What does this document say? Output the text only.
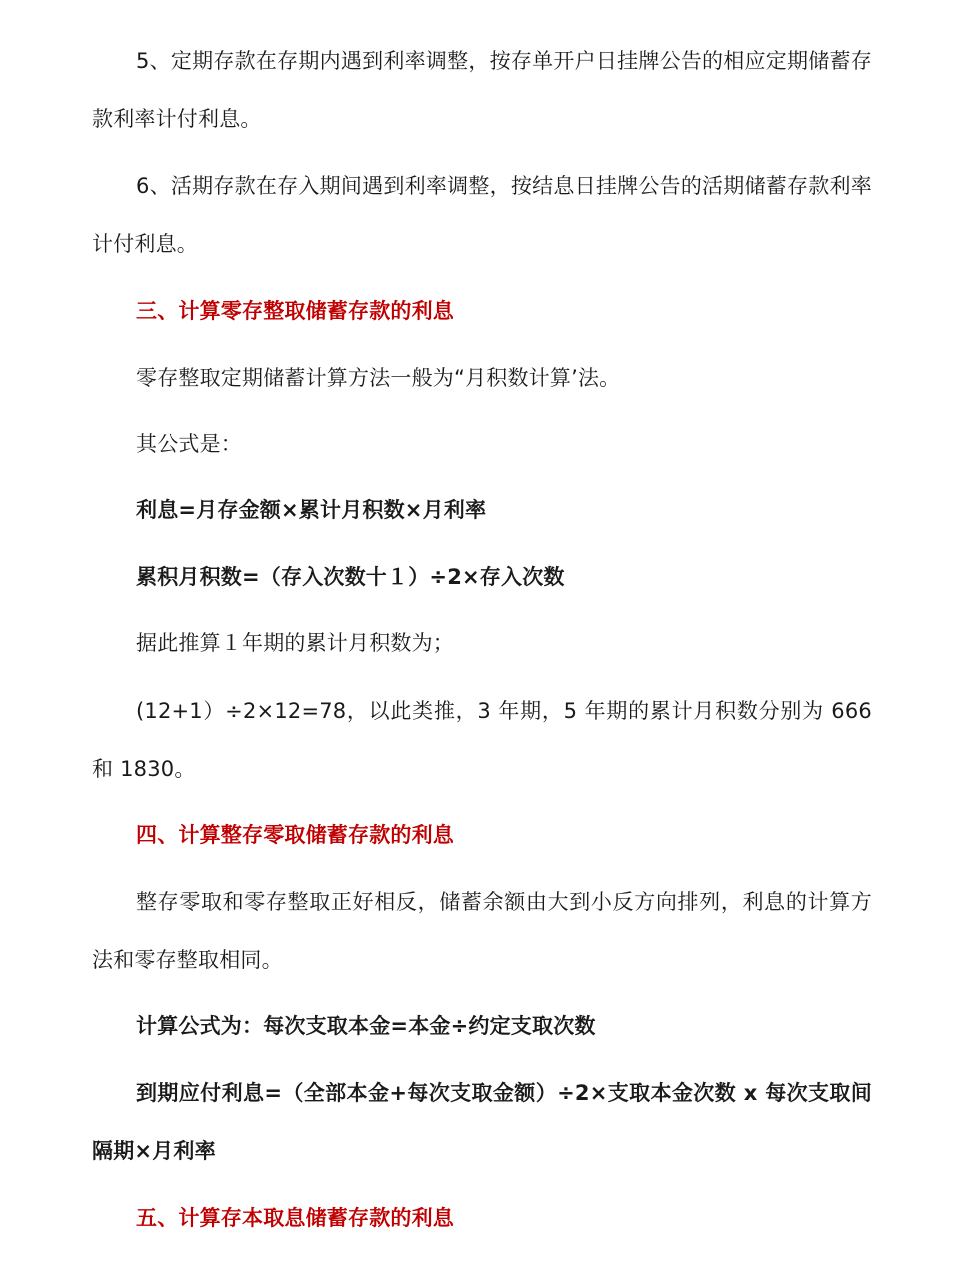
5、定期存款在存期内遇到利率调整，按存单开户日挂牌公告的相应定期储蓄存款利率计付利息。

6、活期存款在存入期间遇到利率调整，按结息日挂牌公告的活期储蓄存款利率计付利息。

三、计算零存整取储蓄存款的利息

零存整取定期储蓄计算方法一般为“月积数计算’法。

其公式是：

利息=月存金额×累计月积数×月利率

累积月积数=（存入次数十１）÷2×存入次数

据此推算１年期的累计月积数为；

(12+1）÷2×12=78，以此类推，3 年期，5 年期的累计月积数分别为 666 和 1830。

四、计算整存零取储蓄存款的利息

整存零取和零存整取正好相反，储蓄余额由大到小反方向排列，利息的计算方法和零存整取相同。

计算公式为：每次支取本金=本金÷约定支取次数

到期应付利息=（全部本金+每次支取金额）÷2×支取本金次数 x 每次支取间隔期×月利率

五、计算存本取息储蓄存款的利息
